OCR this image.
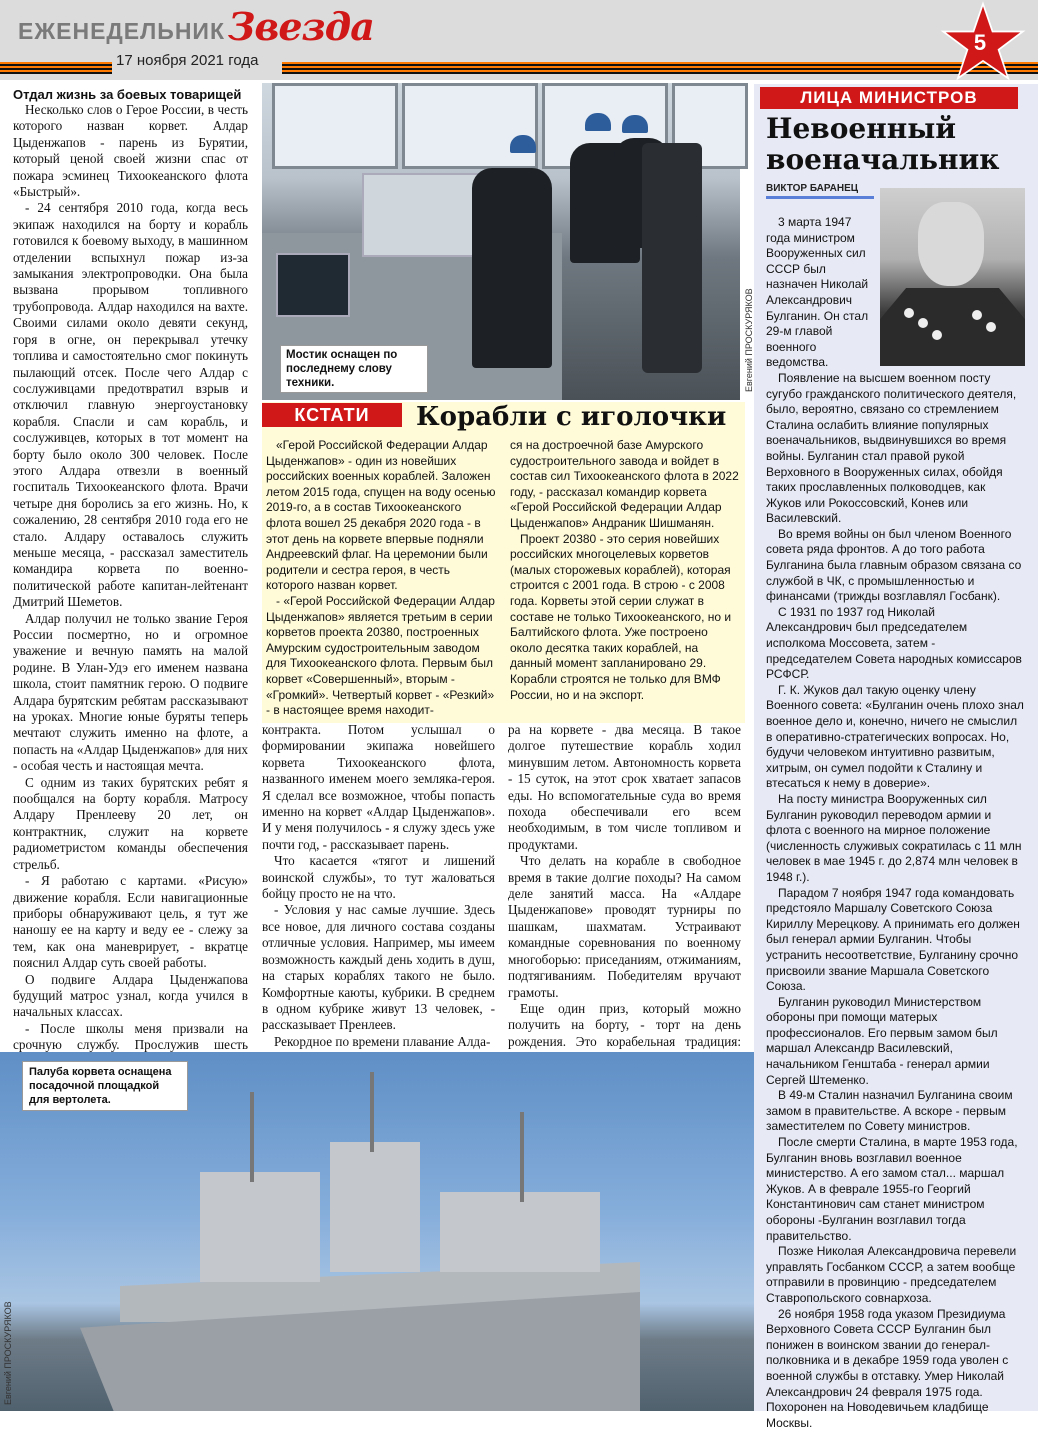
ЕЖЕНЕДЕЛЬНИК Звезда
17 ноября 2021 года
5

Отдал жизнь за боевых товарищей

Несколько слов о Герое России, в честь которого назван корвет. Алдар Цыденжапов - парень из Бурятии, который ценой своей жизни спас от пожара эсминец Тихоокеанского флота «Быстрый».

- 24 сентября 2010 года, когда весь экипаж находился на борту и корабль готовился к боевому выходу, в машинном отделении вспыхнул пожар из-за замыкания электропроводки. Она была вызвана прорывом топливного трубопровода. Алдар находился на вахте. Своими силами около девяти секунд, горя в огне, он перекрывал утечку топлива и самостоятельно смог покинуть пылающий отсек. После чего Алдар с сослуживцами предотвратил взрыв и отключил главную энергоустановку корабля. Спасли и сам корабль, и сослуживцев, которых в тот момент на борту было около 300 человек. После этого Алдара отвезли в военный госпиталь Тихоокеанского флота. Врачи четыре дня боролись за его жизнь. Но, к сожалению, 28 сентября 2010 года его не стало. Алдару оставалось служить меньше месяца, - рассказал заместитель командира корвета по военно-политической работе капитан-лейтенант Дмитрий Шеметов.

Алдар получил не только звание Героя России посмертно, но и огромное уважение и вечную память на малой родине. В Улан-Удэ его именем названа школа, стоит памятник герою. О подвиге Алдара бурятским ребятам рассказывают на уроках. Многие юные буряты теперь мечтают служить именно на флоте, а попасть на «Алдар Цыденжапов» для них - особая честь и настоящая мечта.

С одним из таких бурятских ребят я пообщался на борту корабля. Матросу Алдару Пренлееву 20 лет, он контрактник, служит на корвете радиометристом команды обеспечения стрельб.

- Я работаю с картами. «Рисую» движение корабля. Если навигационные приборы обнаруживают цель, я тут же наношу ее на карту и веду ее - слежу за тем, как она маневрирует, - вкратце пояснил Алдар суть своей работы.

О подвиге Алдара Цыденжапова будущий матрос узнал, когда учился в начальных классах.

- После школы меня призвали на срочную службу. Прослужив шесть

Мостик оснащен по последнему слову техники.	Евгений ПРОСКУРЯКОВ
КСТАТИ	Корабли с иголочки

«Герой Российской Федерации Алдар Цыденжапов» - один из новейших российских военных кораблей. Заложен летом 2015 года, спущен на воду осенью 2019-го, а в состав Тихоокеанского флота вошел 25 декабря 2020 года - в этот день на корвете впервые подняли Андреевский флаг. На церемонии были родители и сестра героя, в честь которого назван корвет.

- «Герой Российской Федерации Алдар Цыденжапов» является третьим в серии корветов проекта 20380, построенных Амурским судостроительным заводом для Тихоокеанского флота. Первым был корвет «Совершенный», вторым - «Громкий». Четвертый корвет - «Резкий» - в настоящее время находит-

ся на достроечной базе Амурского судостроительного завода и войдет в состав сил Тихоокеанского флота в 2022 году, - рассказал командир корвета «Герой Российской Федерации Алдар Цыденжапов» Андраник Шишманян.

Проект 20380 - это серия новейших российских многоцелевых корветов (малых сторожевых кораблей), которая строится с 2001 года. В строю - с 2008 года. Корветы этой серии служат в составе не только Тихоокеанского, но и Балтийского флота. Уже построено около десятка таких кораблей, на данный момент запланировано 29. Корабли строятся не только для ВМФ России, но и на экспорт.

контракта. Потом услышал о формировании экипажа новейшего корвета Тихоокеанского флота, названного именем моего земляка-героя. Я сделал все возможное, чтобы попасть именно на корвет «Алдар Цыденжапов». И у меня получилось - я служу здесь уже почти год, - рассказывает парень.

Что касается «тягот и лишений воинской службы», то тут жаловаться бойцу просто не на что.

- Условия у нас самые лучшие. Здесь все новое, для личного состава созданы отличные условия. Например, мы имеем возможность каждый день ходить в душ, на старых кораблях такого не было. Комфортные каюты, кубрики. В среднем в одном кубрике живут 13 человек, - рассказывает Пренлеев.

Рекордное по времени плавание Алда-

ра на корвете - два месяца. В такое долгое путешествие корабль ходил минувшим летом. Автономность корвета - 15 суток, на этот срок хватает запасов еды. Но вспомогательные суда во время похода обеспечивали его всем необходимым, в том числе топливом и продуктами.

Что делать на корабле в свободное время в такие долгие походы? На самом деле занятий масса. На «Алдаре Цыденжапове» проводят турниры по шашкам, шахматам. Устраивают командные соревнования по военному многоборью: приседаниям, отжиманиям, подтягиваниям. Победителям вручают грамоты.

Еще один приз, который можно получить на борту, - торт на день рождения. Это корабельная традиция:

Палуба корвета оснащена посадочной площадкой для вертолета.
Евгений ПРОСКУРЯКОВ
ЛИЦА МИНИСТРОВ
Невоенный военачальник
ВИКТОР БАРАНЕЦ

3 марта 1947 года министром Вооруженных сил СССР был назначен Николай Александрович Булганин. Он стал 29-м главой военного ведомства.

Появление на высшем военном посту сугубо гражданского политического деятеля, было, вероятно, связано со стремлением Сталина ослабить влияние популярных военачальников, выдвинувшихся во время войны. Булганин стал правой рукой Верховного в Вооруженных силах, обойдя таких прославленных полководцев, как Жуков или Рокоссовский, Конев или Василевский.

Во время войны он был членом Военного совета ряда фронтов. А до того работа Булганина была главным образом связана со службой в ЧК, с промышленностью и финансами (трижды возглавлял Госбанк).

С 1931 по 1937 год Николай Александрович был председателем исполкома Моссовета, затем - председателем Совета народных комиссаров РСФСР.

Г. К. Жуков дал такую оценку члену Военного совета: «Булганин очень плохо знал военное дело и, конечно, ничего не смыслил в оперативно-стратегических вопросах. Но, будучи человеком интуитивно развитым, хитрым, он сумел подойти к Сталину и втесаться к нему в доверие».

На посту министра Вооруженных сил Булганин руководил переводом армии и флота с военного на мирное положение (численность служивых сократилась с 11 млн человек в мае 1945 г. до 2,874 млн человек в 1948 г.).

Парадом 7 ноября 1947 года командовать предстояло Маршалу Советского Союза Кириллу Мерецкову. А принимать его должен был генерал армии Булганин. Чтобы устранить несоответствие, Булганину срочно присвоили звание Маршала Советского Союза.

Булганин руководил Министерством обороны при помощи матерых профессионалов. Его первым замом был маршал Александр Василевский, начальником Генштаба - генерал армии Сергей Штеменко.

В 49-м Сталин назначил Булганина своим замом в правительстве. А вскоре - первым заместителем по Совету министров.

После смерти Сталина, в марте 1953 года, Булганин вновь возглавил военное министерство. А его замом стал... маршал Жуков. А в феврале 1955-го Георгий Константинович сам станет министром обороны -Булганин возглавил тогда правительство.

Позже Николая Александровича перевели управлять Госбанком СССР, а затем вообще отправили в провинцию - председателем Ставропольского совнархоза.

26 ноября 1958 года указом Президиума Верховного Совета СССР Булганин был понижен в воинском звании до генерал-полковника и в декабре 1959 года уволен с военной службы в отставку. Умер Николай Александрович 24 февраля 1975 года. Похоронен на Новодевичьем кладбище Москвы.
